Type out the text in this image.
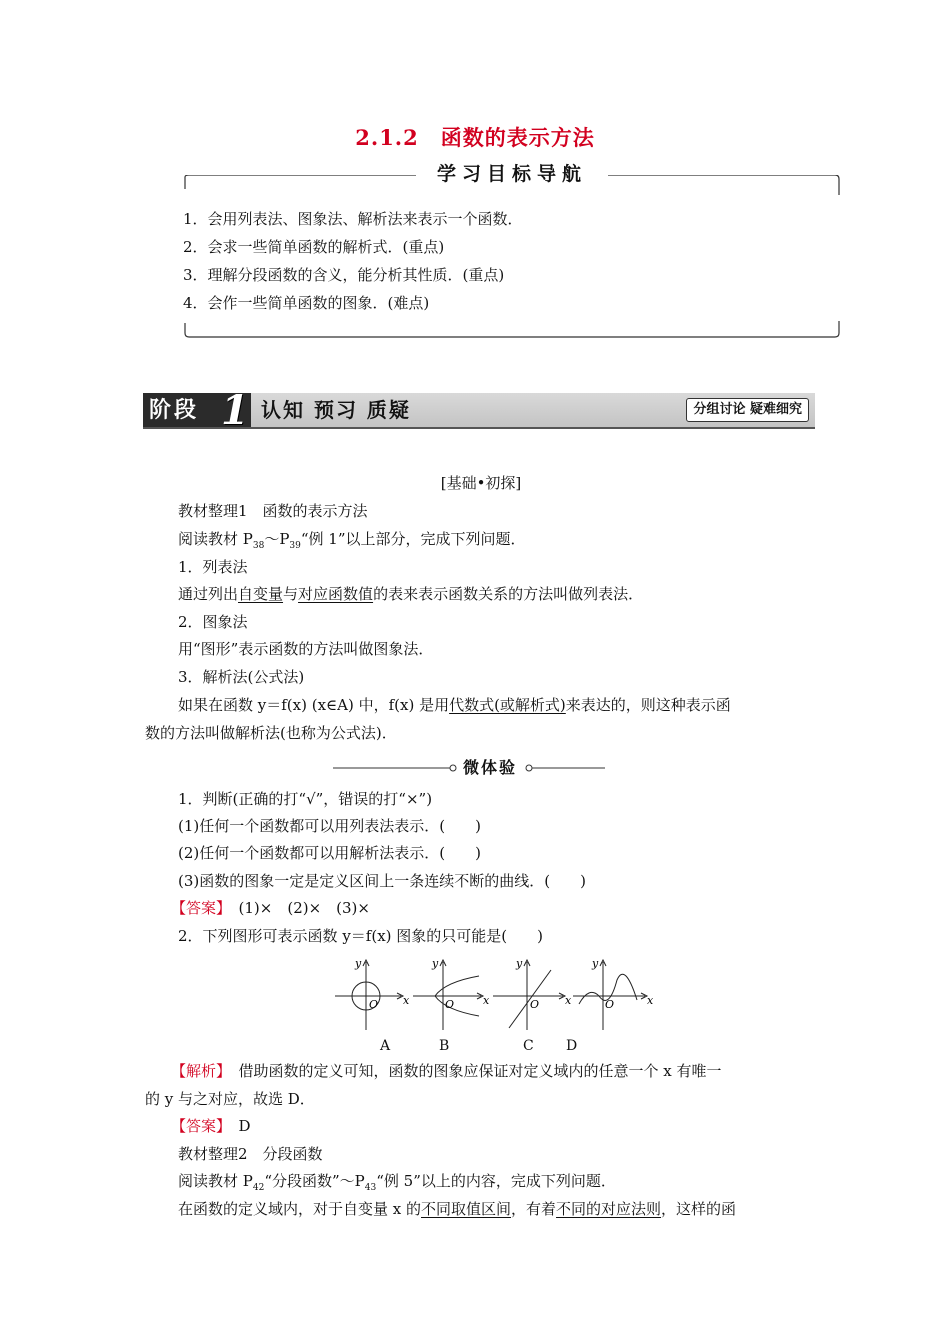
2.1.2 函数的表示方法
学习目标导航
1．会用列表法、图象法、解析法来表示一个函数．
2．会求一些简单函数的解析式．(重点)
3．理解分段函数的含义，能分析其性质．(重点)
4．会作一些简单函数的图象．(难点)
阶段 1 认知 预习 质疑	分组讨论 疑难细究
[基础•初探]
教材整理1　函数的表示方法
阅读教材 $P_{38}\sim P_{39}“$例 1”以上部分，完成下列问题．
1．列表法
通过列出自变量与对应函数值的表来表示函数关系的方法叫做列表法．
2．图象法
用“图形”表示函数的方法叫做图象法．
3．解析法(公式法)
如果在函数 y＝f(x) (x∈A) 中，f(x) 是用代数式(或解析式)来表达的，则这种表示函
数的方法叫做解析法(也称为公式法)．
微体验
1．判断(正确的打“√”，错误的打“×”)
(1)任何一个函数都可以用列表法表示．(　　)
(2)任何一个函数都可以用解析法表示．(　　)
(3)函数的图象一定是定义区间上一条连续不断的曲线．(　　)
【答案】　 (1)×　(2)×　(3)×
2．下列图形可表示函数 y＝f(x) 图象的只可能是(　　)
y
O x
y
O	x
y
O x
y
O	x
A	B	C D
【解析】　 借助函数的定义可知，函数的图象应保证对定义域内的任意一个 x 有唯一
的 y 与之对应，故选 D．
【答案】　 D
教材整理2　分段函数
阅读教材 $P_{42}“$分段函数$”\sim P_{43}“$例 5”以上的内容，完成下列问题．
在函数的定义域内，对于自变量 x 的不同取值区间，有着不同的对应法则，这样的函
